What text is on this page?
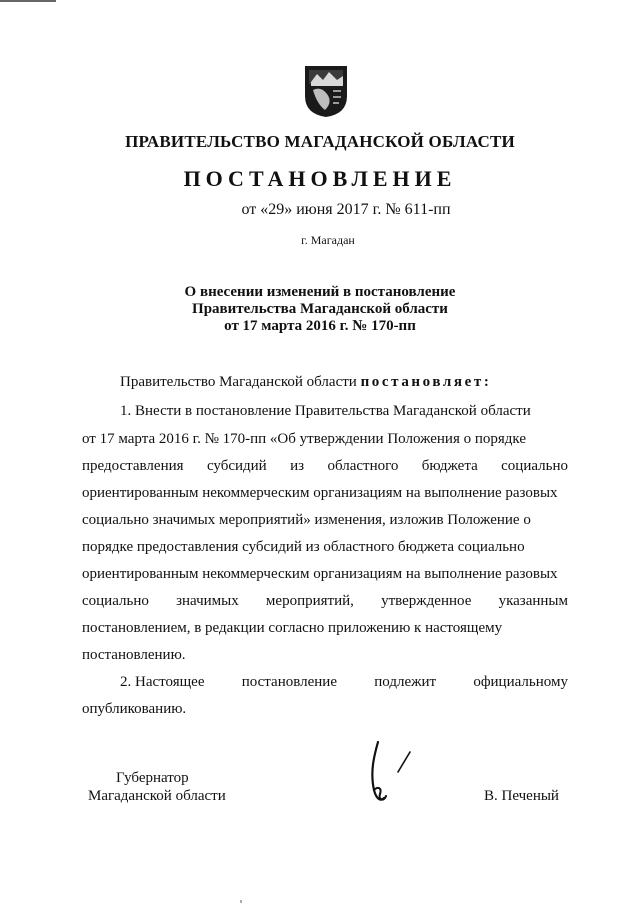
ПРАВИТЕЛЬСТВО МАГАДАНСКОЙ ОБЛАСТИ
ПОСТАНОВЛЕНИЕ
от «29» июня 2017 г. № 611-пп
г. Магадан
О внесении изменений в постановление
Правительства Магаданской области
от 17 марта 2016 г. № 170-пп
Правительство Магаданской области постановляет:
1. Внести в постановление Правительства Магаданской области
от 17 марта 2016 г. № 170-пп «Об утверждении Положения о порядке
предоставления субсидий из областного бюджета социально
ориентированным некоммерческим организациям на выполнение разовых
социально значимых мероприятий» изменения, изложив Положение о
порядке предоставления субсидий из областного бюджета социально
ориентированным некоммерческим организациям на выполнение разовых
социально значимых мероприятий, утвержденное указанным
постановлением, в редакции согласно приложению к настоящему
постановлению.
2. Настоящее постановление подлежит официальному
опубликованию.
Губернатор
Магаданской области	В. Печеный
